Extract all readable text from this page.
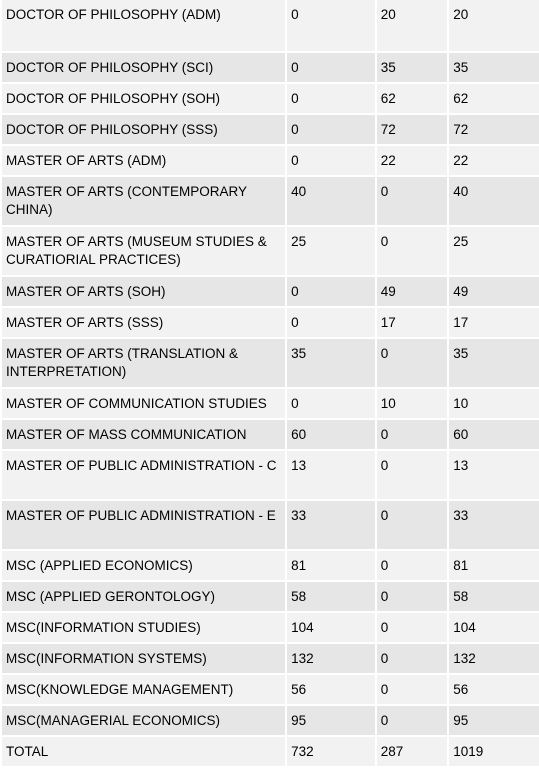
DOCTOR OF PHILOSOPHY (ADM)	0	20	20
DOCTOR OF PHILOSOPHY (SCI)	0	35	35
DOCTOR OF PHILOSOPHY (SOH)	0	62	62
DOCTOR OF PHILOSOPHY (SSS)	0	72	72
MASTER OF ARTS (ADM)	0	22	22
MASTER OF ARTS (CONTEMPORARY CHINA)	40	0	40
MASTER OF ARTS (MUSEUM STUDIES & CURATIORIAL PRACTICES)	25	0	25
MASTER OF ARTS (SOH)	0	49	49
MASTER OF ARTS (SSS)	0	17	17
MASTER OF ARTS (TRANSLATION & INTERPRETATION)	35	0	35
MASTER OF COMMUNICATION STUDIES	0	10	10
MASTER OF MASS COMMUNICATION	60	0	60
MASTER OF PUBLIC ADMINISTRATION - C	13	0	13
MASTER OF PUBLIC ADMINISTRATION - E	33	0	33
MSC (APPLIED ECONOMICS)	81	0	81
MSC (APPLIED GERONTOLOGY)	58	0	58
MSC(INFORMATION STUDIES)	104	0	104
MSC(INFORMATION SYSTEMS)	132	0	132
MSC(KNOWLEDGE MANAGEMENT)	56	0	56
MSC(MANAGERIAL ECONOMICS)	95	0	95
TOTAL	732	287	1019
